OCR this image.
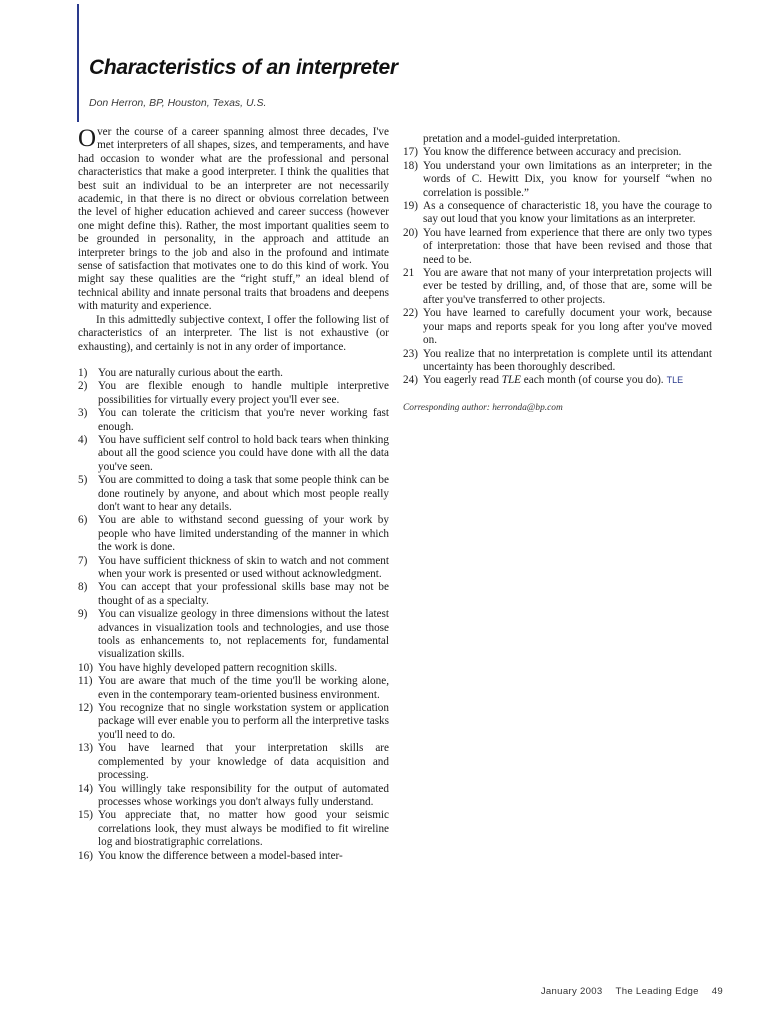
Characteristics of an interpreter

Don Herron, BP, Houston, Texas, U.S.

Over the course of a career spanning almost three decades, I've met interpreters of all shapes, sizes, and temperaments, and have had occasion to wonder what are the professional and personal characteristics that make a good interpreter. I think the qualities that best suit an individual to be an interpreter are not necessarily academic, in that there is no direct or obvious correlation between the level of higher education achieved and career success (however one might define this). Rather, the most important qualities seem to be grounded in personality, in the approach and attitude an interpreter brings to the job and also in the profound and intimate sense of satisfaction that motivates one to do this kind of work. You might say these qualities are the “right stuff,” an ideal blend of technical ability and innate personal traits that broadens and deepens with maturity and experience.

In this admittedly subjective context, I offer the following list of characteristics of an interpreter. The list is not exhaustive (or exhausting), and certainly is not in any order of importance.

1) You are naturally curious about the earth.
2) You are flexible enough to handle multiple interpretive possibilities for virtually every project you'll ever see.
3) You can tolerate the criticism that you're never working fast enough.
4) You have sufficient self control to hold back tears when thinking about all the good science you could have done with all the data you've seen.
5) You are committed to doing a task that some people think can be done routinely by anyone, and about which most people really don't want to hear any details.
6) You are able to withstand second guessing of your work by people who have limited understanding of the manner in which the work is done.
7) You have sufficient thickness of skin to watch and not comment when your work is presented or used without acknowledgment.
8) You can accept that your professional skills base may not be thought of as a specialty.
9) You can visualize geology in three dimensions without the latest advances in visualization tools and technologies, and use those tools as enhancements to, not replacements for, fundamental visualization skills.
10) You have highly developed pattern recognition skills.
11) You are aware that much of the time you'll be working alone, even in the contemporary team-oriented business environment.
12) You recognize that no single workstation system or application package will ever enable you to perform all the interpretive tasks you'll need to do.
13) You have learned that your interpretation skills are complemented by your knowledge of data acquisition and processing.
14) You willingly take responsibility for the output of automated processes whose workings you don't always fully understand.
15) You appreciate that, no matter how good your seismic correlations look, they must always be modified to fit wireline log and biostratigraphic correlations.
16) You know the difference between a model-based inter-
pretation and a model-guided interpretation.
17) You know the difference between accuracy and precision.
18) You understand your own limitations as an interpreter; in the words of C. Hewitt Dix, you know for yourself “when no correlation is possible.”
19) As a consequence of characteristic 18, you have the courage to say out loud that you know your limitations as an interpreter.
20) You have learned from experience that there are only two types of interpretation: those that have been revised and those that need to be.
21 You are aware that not many of your interpretation projects will ever be tested by drilling, and, of those that are, some will be after you've transferred to other projects.
22) You have learned to carefully document your work, because your maps and reports speak for you long after you've moved on.
23) You realize that no interpretation is complete until its attendant uncertainty has been thoroughly described.
24) You eagerly read TLE each month (of course you do). TLE

Corresponding author: herronda@bp.com

January 2003 The Leading Edge 49
